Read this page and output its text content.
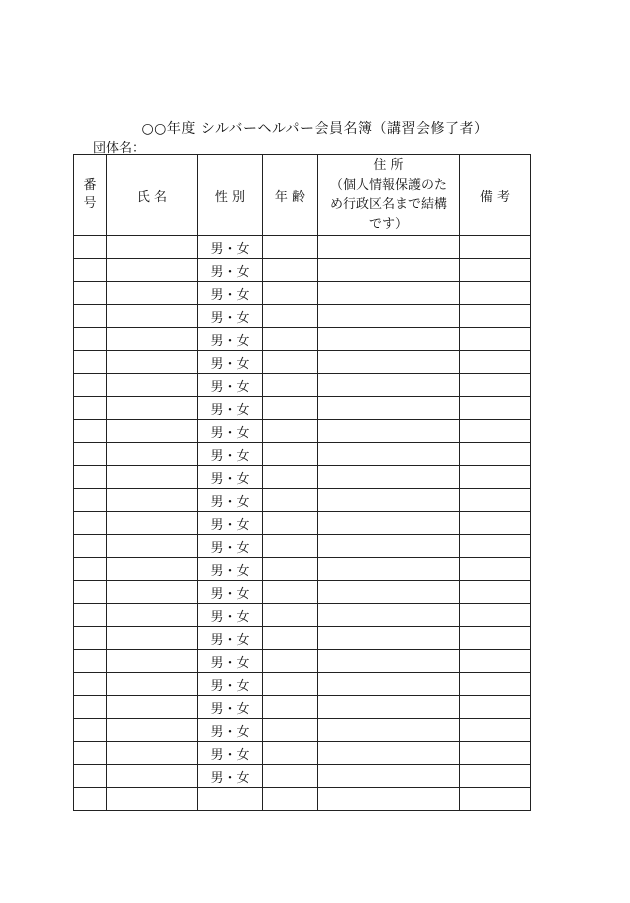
○○年度 シルバーヘルパー会員名簿（講習会修了者）
団体名：
番号	氏 名	性 別	年 齢	住 所
（個人情報保護のた
め行政区名まで結構
です）	備 考
		男・女			
		男・女			
		男・女			
		男・女			
		男・女			
		男・女			
		男・女			
		男・女			
		男・女			
		男・女			
		男・女			
		男・女			
		男・女			
		男・女			
		男・女			
		男・女			
		男・女			
		男・女			
		男・女			
		男・女			
		男・女			
		男・女			
		男・女			
		男・女			
